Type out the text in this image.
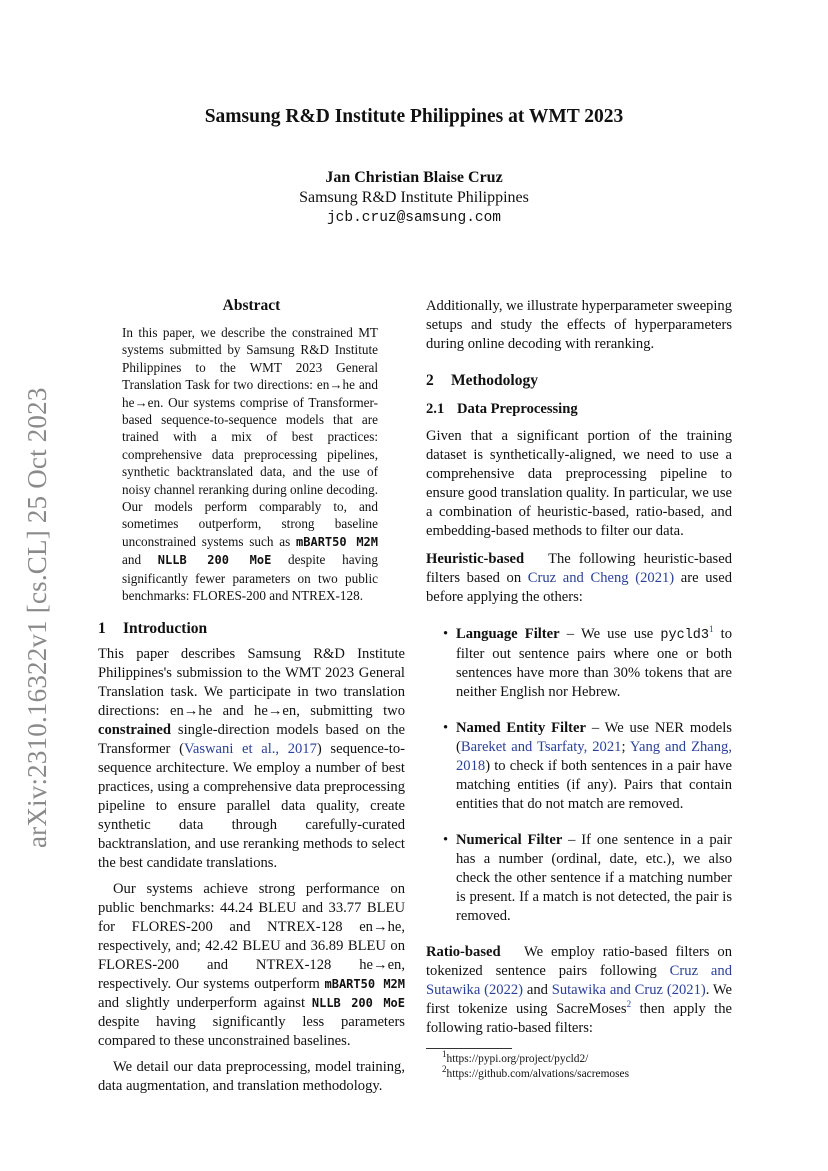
Samsung R&D Institute Philippines at WMT 2023
Jan Christian Blaise Cruz
Samsung R&D Institute Philippines
jcb.cruz@samsung.com
arXiv:2310.16322v1 [cs.CL] 25 Oct 2023
Abstract
In this paper, we describe the constrained MT systems submitted by Samsung R&D Institute Philippines to the WMT 2023 General Translation Task for two directions: en→he and he→en. Our systems comprise of Transformer-based sequence-to-sequence models that are trained with a mix of best practices: comprehensive data preprocessing pipelines, synthetic backtranslated data, and the use of noisy channel reranking during online decoding. Our models perform comparably to, and sometimes outperform, strong baseline unconstrained systems such as mBART50 M2M and NLLB 200 MoE despite having significantly fewer parameters on two public benchmarks: FLORES-200 and NTREX-128.
1 Introduction

This paper describes Samsung R&D Institute Philippines's submission to the WMT 2023 General Translation task. We participate in two translation directions: en→he and he→en, submitting two constrained single-direction models based on the Transformer (Vaswani et al., 2017) sequence-to-sequence architecture. We employ a number of best practices, using a comprehensive data preprocessing pipeline to ensure parallel data quality, create synthetic data through carefully-curated backtranslation, and use reranking methods to select the best candidate translations.

Our systems achieve strong performance on public benchmarks: 44.24 BLEU and 33.77 BLEU for FLORES-200 and NTREX-128 en→he, respectively, and; 42.42 BLEU and 36.89 BLEU on FLORES-200 and NTREX-128 he→en, respectively. Our systems outperform mBART50 M2M and slightly underperform against NLLB 200 MoE despite having significantly less parameters compared to these unconstrained baselines.

We detail our data preprocessing, model training, data augmentation, and translation methodology.

Additionally, we illustrate hyperparameter sweeping setups and study the effects of hyperparameters during online decoding with reranking.

2 Methodology
2.1 Data Preprocessing

Given that a significant portion of the training dataset is synthetically-aligned, we need to use a comprehensive data preprocessing pipeline to ensure good translation quality. In particular, we use a combination of heuristic-based, ratio-based, and embedding-based methods to filter our data.

Heuristic-based The following heuristic-based filters based on Cruz and Cheng (2021) are used before applying the others:

• Language Filter – We use use pycld3$^1$ to filter out sentence pairs where one or both sentences have more than 30% tokens that are neither English nor Hebrew.
• Named Entity Filter – We use NER models (Bareket and Tsarfaty, 2021; Yang and Zhang, 2018) to check if both sentences in a pair have matching entities (if any). Pairs that contain entities that do not match are removed.
• Numerical Filter – If one sentence in a pair has a number (ordinal, date, etc.), we also check the other sentence if a matching number is present. If a match is not detected, the pair is removed.

Ratio-based We employ ratio-based filters on tokenized sentence pairs following Cruz and Sutawika (2022) and Sutawika and Cruz (2021). We first tokenize using SacreMoses$^2$ then apply the following ratio-based filters:

$^1$https://pypi.org/project/pycld2/
$^2$https://github.com/alvations/sacremoses
